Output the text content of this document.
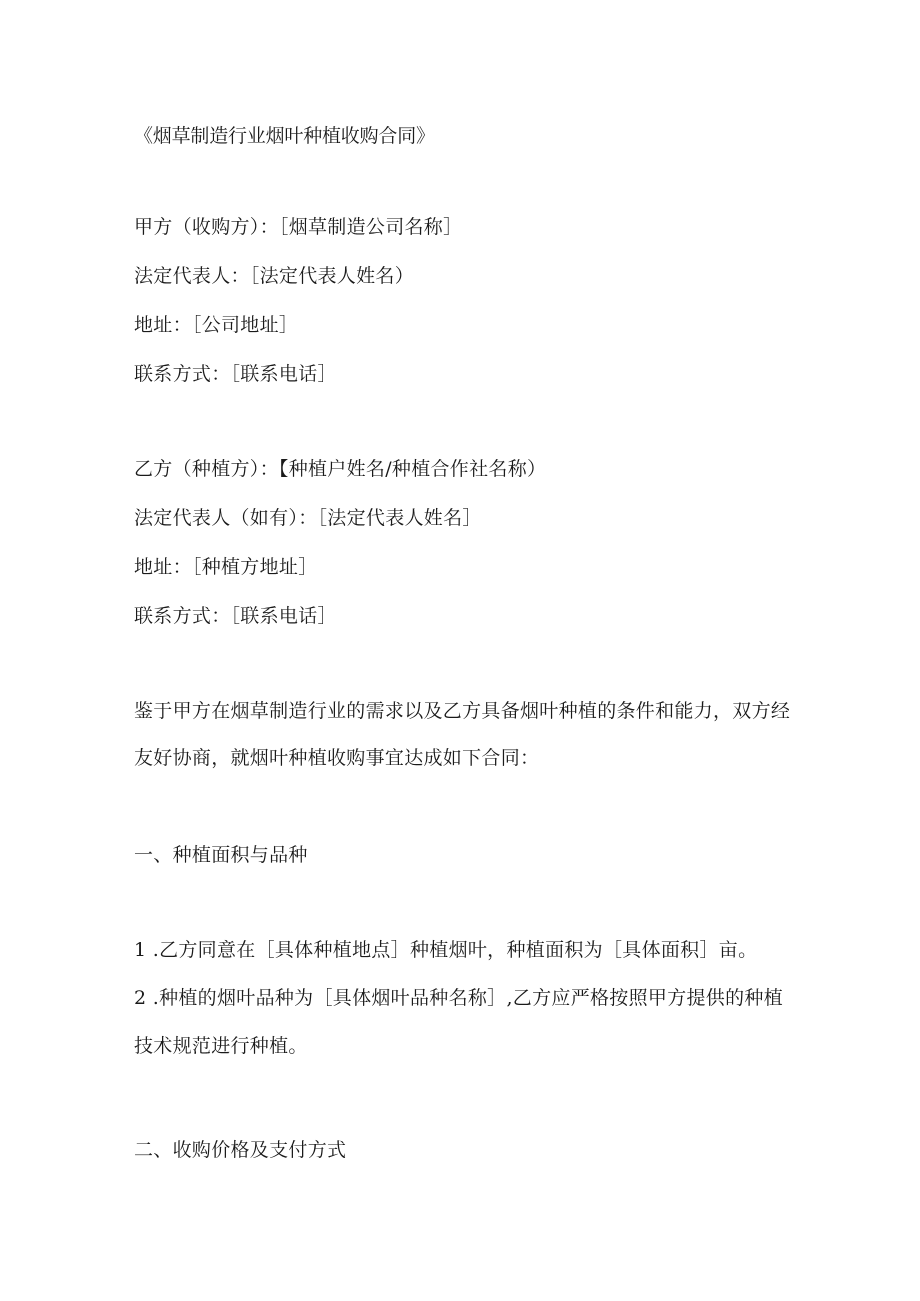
《烟草制造行业烟叶种植收购合同》
甲方（收购方）：［烟草制造公司名称］
法定代表人：［法定代表人姓名）
地址：［公司地址］
联系方式：［联系电话］
乙方（种植方）：【种植户姓名/种植合作社名称）
法定代表人（如有）：［法定代表人姓名］
地址：［种植方地址］
联系方式：［联系电话］
鉴于甲方在烟草制造行业的需求以及乙方具备烟叶种植的条件和能力，双方经
友好协商，就烟叶种植收购事宜达成如下合同：
一、种植面积与品种
1 .乙方同意在［具体种植地点］种植烟叶，种植面积为［具体面积］亩。
2 .种植的烟叶品种为［具体烟叶品种名称］,乙方应严格按照甲方提供的种植
技术规范进行种植。
二、收购价格及支付方式
